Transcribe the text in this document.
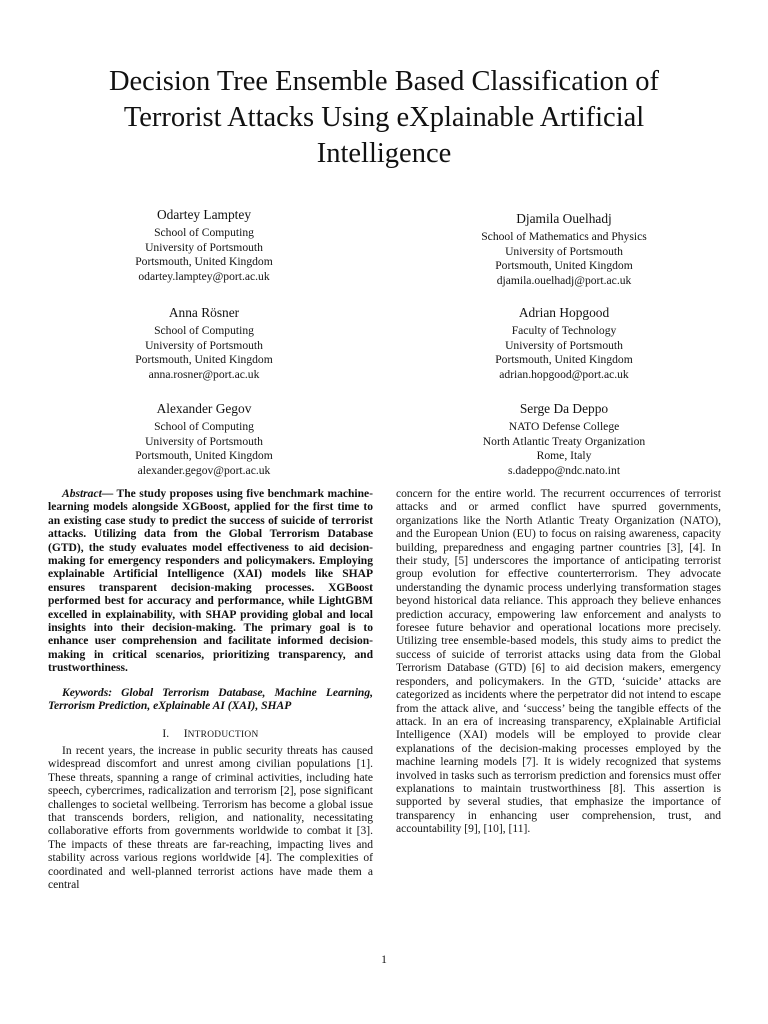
Decision Tree Ensemble Based Classification of Terrorist Attacks Using eXplainable Artificial Intelligence
Odartey Lamptey
School of Computing
University of Portsmouth
Portsmouth, United Kingdom
odartey.lamptey@port.ac.uk
Djamila Ouelhadj
School of Mathematics and Physics
University of Portsmouth
Portsmouth, United Kingdom
djamila.ouelhadj@port.ac.uk
Anna Rösner
School of Computing
University of Portsmouth
Portsmouth, United Kingdom
anna.rosner@port.ac.uk
Adrian Hopgood
Faculty of Technology
University of Portsmouth
Portsmouth, United Kingdom
adrian.hopgood@port.ac.uk
Alexander Gegov
School of Computing
University of Portsmouth
Portsmouth, United Kingdom
alexander.gegov@port.ac.uk
Serge Da Deppo
NATO Defense College
North Atlantic Treaty Organization
Rome, Italy
s.dadeppo@ndc.nato.int

Abstract— The study proposes using five benchmark machine-learning models alongside XGBoost, applied for the first time to an existing case study to predict the success of suicide of terrorist attacks. Utilizing data from the Global Terrorism Database (GTD), the study evaluates model effectiveness to aid decision-making for emergency responders and policymakers. Employing explainable Artificial Intelligence (XAI) models like SHAP ensures transparent decision-making processes. XGBoost performed best for accuracy and performance, while LightGBM excelled in explainability, with SHAP providing global and local insights into their decision-making. The primary goal is to enhance user comprehension and facilitate informed decision-making in critical scenarios, prioritizing transparency, and trustworthiness.

Keywords: Global Terrorism Database, Machine Learning, Terrorism Prediction, eXplainable AI (XAI), SHAP

I. INTRODUCTION

In recent years, the increase in public security threats has caused widespread discomfort and unrest among civilian populations [1]. These threats, spanning a range of criminal activities, including hate speech, cybercrimes, radicalization and terrorism [2], pose significant challenges to societal wellbeing. Terrorism has become a global issue that transcends borders, religion, and nationality, necessitating collaborative efforts from governments worldwide to combat it [3]. The impacts of these threats are far-reaching, impacting lives and stability across various regions worldwide [4]. The complexities of coordinated and well-planned terrorist actions have made them a central

concern for the entire world. The recurrent occurrences of terrorist attacks and or armed conflict have spurred governments, organizations like the North Atlantic Treaty Organization (NATO), and the European Union (EU) to focus on raising awareness, capacity building, preparedness and engaging partner countries [3], [4]. In their study, [5] underscores the importance of anticipating terrorist group evolution for effective counterterrorism. They advocate understanding the dynamic process underlying transformation stages beyond historical data reliance. This approach they believe enhances prediction accuracy, empowering law enforcement and analysts to foresee future behavior and operational locations more precisely. Utilizing tree ensemble-based models, this study aims to predict the success of suicide of terrorist attacks using data from the Global Terrorism Database (GTD) [6] to aid decision makers, emergency responders, and policymakers. In the GTD, ‘suicide’ attacks are categorized as incidents where the perpetrator did not intend to escape from the attack alive, and ‘success’ being the tangible effects of the attack. In an era of increasing transparency, eXplainable Artificial Intelligence (XAI) models will be employed to provide clear explanations of the decision-making processes employed by the machine learning models [7]. It is widely recognized that systems involved in tasks such as terrorism prediction and forensics must offer explanations to maintain trustworthiness [8]. This assertion is supported by several studies, that emphasize the importance of transparency in enhancing user comprehension, trust, and accountability [9], [10], [11].

1
